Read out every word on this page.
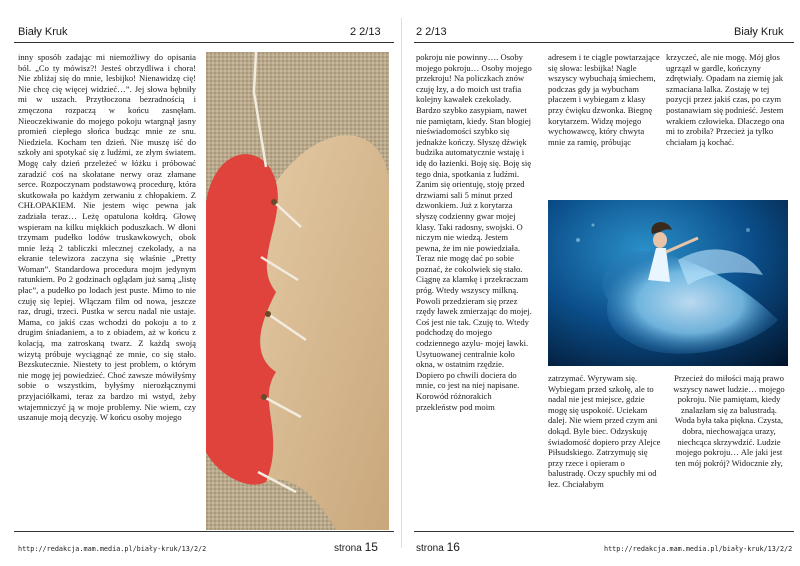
Biały Kruk	2 2/13

inny sposób zadając mi niemożliwy do opisania ból. „Co ty mówisz?! Jesteś obrzydliwa i chora! Nie zbliżaj się do mnie, lesbijko! Nienawidzę cię! Nie chcę cię więcej widzieć…”. Jej słowa bębniły mi w uszach. Przytłoczona bezradnością i zmęczona rozpaczą w końcu zasnęłam. Nieoczekiwanie do mojego pokoju wtargnął jasny promień ciepłego słońca budząc mnie ze snu. Niedziela. Kocham ten dzień. Nie muszę iść do szkoły ani spotykać się z ludźmi, ze złym światem. Mogę cały dzień przeleżeć w łóżku i próbować zaradzić coś na skołatane nerwy oraz złamane serce. Rozpoczynam podstawową procedurę, która skutkowała po każdym zerwaniu z chłopakiem. Z CHŁOPAKIEM. Nie jestem więc pewna jak zadziała teraz… Leżę opatulona kołdrą. Głowę wspieram na kilku miękkich poduszkach. W dłoni trzymam pudełko lodów truskawkowych, obok mnie leżą 2 tabliczki mlecznej czekolady, a na ekranie telewizora zaczyna się właśnie „Pretty Woman”. Standardowa procedura mojm jedynym ratunkiem. Po 2 godzinach oglądam już samą „listę płac”, a pudełko po lodach jest puste. Mimo to nie czuję się lepiej. Włączam film od nowa, jeszcze raz, drugi, trzeci. Pustka w sercu nadal nie ustaje. Mama, co jakiś czas wchodzi do pokoju a to z drugim śniadaniem, a to z obiadem, aż w końcu z kolacją, ma zatroskaną twarz. Z każdą swoją wizytą próbuje wyciągnąć ze mnie, co się stało. Bezskutecznie. Niestety to jest problem, o którym nie mogę jej powiedzieć. Choć zawsze mówiłyśmy sobie o wszystkim, byłyśmy nierozłącznymi przyjaciółkami, teraz za bardzo mi wstyd, żeby wtajemniczyć ją w moje problemy. Nie wiem, czy uszanuje moją decyzję. W końcu osoby mojego

http://redakcja.mam.media.pl/biały-kruk/13/2/2	strona 15
2 2/13	Biały Kruk

pokroju nie powinny…. Osoby mojego pokroju… Osoby mojego przekroju! Na policzkach znów czuję łzy, a do moich ust trafia kolejny kawałek czekolady. Bardzo szybko zasypiam, nawet nie pamiętam, kiedy. Stan błogiej nieświadomości szybko się jednakże kończy. Słyszę dźwięk budzika automatycznie wstaję i idę do łazienki. Boję się. Boję się tego dnia, spotkania z ludźmi. Zanim się orientuję, stoję przed drzwiami sali 5 minut przed dzwonkiem. Już z korytarza słyszę codzienny gwar mojej klasy. Taki radosny, swojski. O niczym nie wiedzą. Jestem pewna, że im nie powiedziała. Teraz nie mogę dać po sobie poznać, że cokolwiek się stało. Ciągnę za klamkę i przekraczam próg. Wtedy wszyscy milkną. Powoli przedzieram się przez rzędy ławek zmierzając do mojej. Coś jest nie tak. Czuję to. Wtedy podchodzę do mojego codziennego azylu- mojej ławki. Usytuowanej centralnie koło okna, w ostatnim rzędzie. Dopiero po chwili dociera do mnie, co jest na niej napisane. Korowód różnorakich przekleństw pod moim

adresem i te ciągle powtarzające się słowa: lesbijka! Nagle wszyscy wybuchają śmiechem, podczas gdy ja wybucham płaczem i wybiegam z klasy przy ćwięku dzwonka. Biegnę korytarzem. Widzę mojego wychowawcę, który chwyta mnie za ramię, próbując

krzyczeć, ale nie mogę. Mój głos ugrzązł w gardle, kończyny zdrętwiały. Opadam na ziemię jak szmaciana lalka. Zostaję w tej pozycji przez jakiś czas, po czym postanawiam się podnieść. Jestem wrakiem człowieka. Dlaczego ona mi to zrobiła? Przecież ja tylko chciałam ją kochać.

zatrzymać. Wyrywam się. Wybiegam przed szkołę, ale to nadal nie jest miejsce, gdzie mogę się uspokoić. Uciekam dalej. Nie wiem przed czym ani dokąd. Byle biec. Odzyskuję świadomość dopiero przy Alejce Piłsudskiego. Zatrzymuję się przy rzece i opieram o balustradę. Oczy spuchły mi od łez. Chciałabym

Przecież do miłości mają prawo wszyscy nawet ludzie… mojego pokroju. Nie pamiętam, kiedy znalazłam się za balustradą. Woda była taka piękna. Czysta, dobra, niechowająca urazy, niechcąca skrzywdzić. Ludzie mojego pokroju… Ale jaki jest ten mój pokrój? Widocznie zły,

strona 16	http://redakcja.mam.media.pl/biały-kruk/13/2/2
